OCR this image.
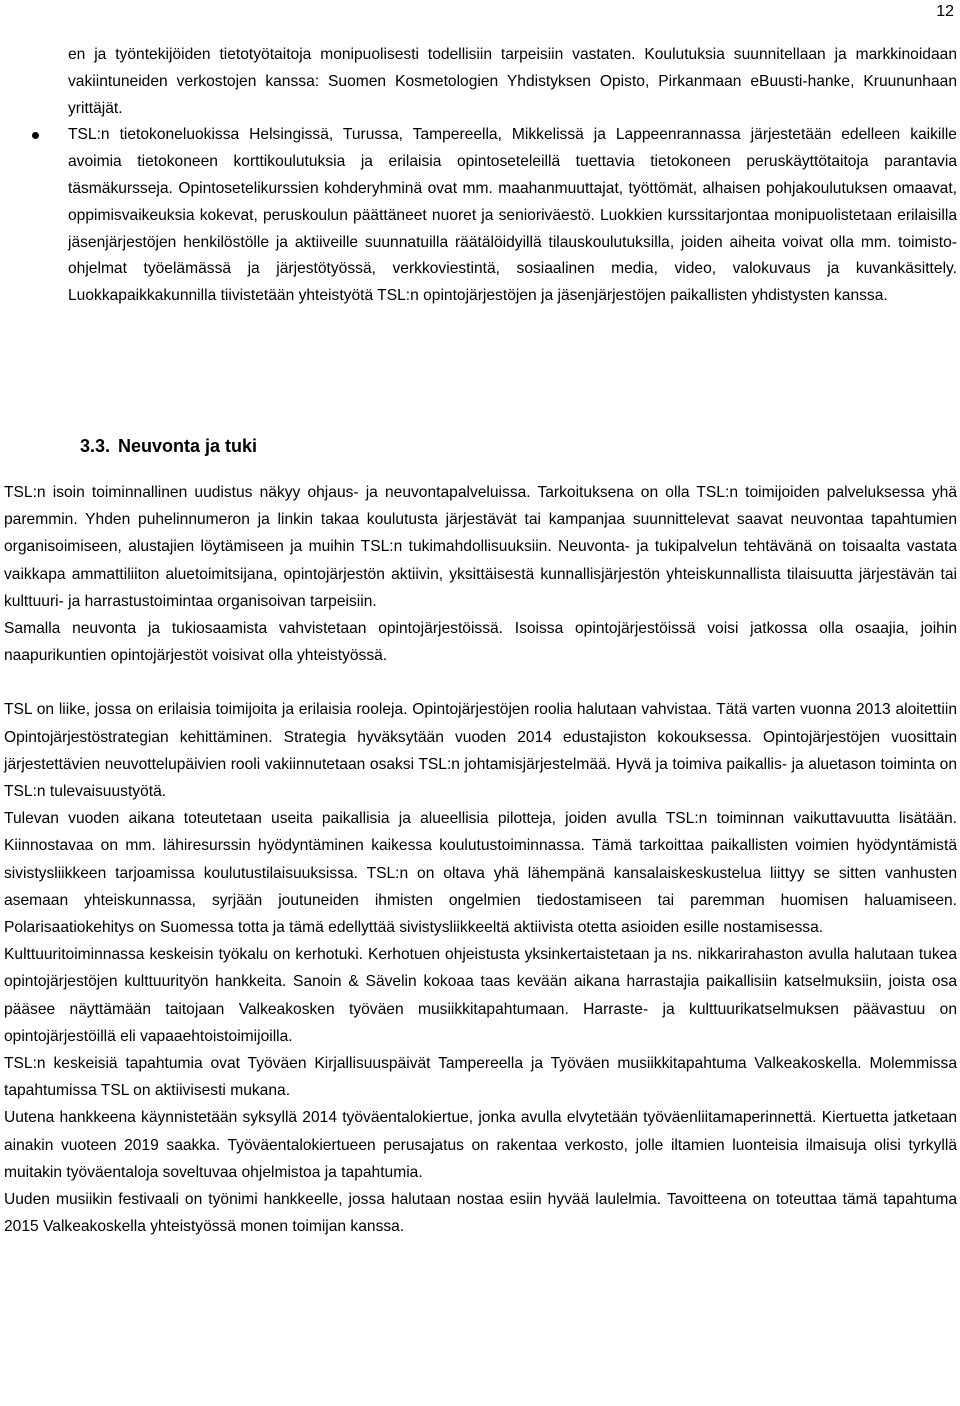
12
en ja työntekijöiden tietotyötaitoja monipuolisesti todellisiin tarpeisiin vastaten. Koulutuksia suunnitellaan ja markkinoidaan vakiintuneiden verkostojen kanssa: Suomen Kosmetologien Yhdistyksen Opisto, Pirkanmaan eBuusti-hanke, Kruununhaan yrittäjät.
TSL:n tietokoneluokissa Helsingissä, Turussa, Tampereella, Mikkelissä ja Lappeenrannassa järjestetään edelleen kaikille avoimia tietokoneen korttikoulutuksia ja erilaisia opintoseteleillä tuettavia tietokoneen peruskäyttötaitoja parantavia täsmäkursseja. Opintosetelikurssien kohderyhminä ovat mm. maahanmuuttajat, työttömät, alhaisen pohjakoulutuksen omaavat, oppimisvaikeuksia kokevat, peruskoulun päättäneet nuoret ja senioriväestö. Luokkien kurssitarjontaa monipuolistetaan erilaisilla jäsenjärjestöjen henkilöstölle ja aktiiveille suunnatuilla räätälöidyillä tilauskoulutuksilla, joiden aiheita voivat olla mm. toimisto-ohjelmat työelämässä ja järjestötyössä, verkkoviestintä, sosiaalinen media, video, valokuvaus ja kuvankäsittely. Luokkapaikkakunnilla tiivistetään yhteistyötä TSL:n opintojärjestöjen ja jäsenjärjestöjen paikallisten yhdistysten kanssa.
3.3. Neuvonta ja tuki

TSL:n isoin toiminnallinen uudistus näkyy ohjaus- ja neuvontapalveluissa. Tarkoituksena on olla TSL:n toimijoiden palveluksessa yhä paremmin. Yhden puhelinnumeron ja linkin takaa koulutusta järjestävät tai kampanjaa suunnittelevat saavat neuvontaa tapahtumien organisoimiseen, alustajien löytämiseen ja muihin TSL:n tukimahdollisuuksiin. Neuvonta- ja tukipalvelun tehtävänä on toisaalta vastata vaikkapa ammattiliiton aluetoimitsijana, opintojärjestön aktiivin, yksittäisestä kunnallisjärjestön yhteiskunnallista tilaisuutta järjestävän tai kulttuuri- ja harrastustoimintaa organisoivan tarpeisiin.

Samalla neuvonta ja tukiosaamista vahvistetaan opintojärjestöissä. Isoissa opintojärjestöissä voisi jatkossa olla osaajia, joihin naapurikuntien opintojärjestöt voisivat olla yhteistyössä.

TSL on liike, jossa on erilaisia toimijoita ja erilaisia rooleja. Opintojärjestöjen roolia halutaan vahvistaa. Tätä varten vuonna 2013 aloitettiin Opintojärjestöstrategian kehittäminen. Strategia hyväksytään vuoden 2014 edustajiston kokouksessa. Opintojärjestöjen vuosittain järjestettävien neuvottelupäivien rooli vakiinnutetaan osaksi TSL:n johtamisjärjestelmää. Hyvä ja toimiva paikallis- ja aluetason toiminta on TSL:n tulevaisuustyötä.

Tulevan vuoden aikana toteutetaan useita paikallisia ja alueellisia pilotteja, joiden avulla TSL:n toiminnan vaikuttavuutta lisätään. Kiinnostavaa on mm. lähiresurssin hyödyntäminen kaikessa koulutustoiminnassa. Tämä tarkoittaa paikallisten voimien hyödyntämistä sivistysliikkeen tarjoamissa koulutustilaisuuksissa. TSL:n on oltava yhä lähempänä kansalaiskeskustelua liittyy se sitten vanhusten asemaan yhteiskunnassa, syrjään joutuneiden ihmisten ongelmien tiedostamiseen tai paremman huomisen haluamiseen. Polarisaatiokehitys on Suomessa totta ja tämä edellyttää sivistysliikkeeltä aktiivista otetta asioiden esille nostamisessa.

Kulttuuritoiminnassa keskeisin työkalu on kerhotuki. Kerhotuen ohjeistusta yksinkertaistetaan ja ns. nikkarirahaston avulla halutaan tukea opintojärjestöjen kulttuurityön hankkeita. Sanoin & Sävelin kokoaa taas kevään aikana harrastajia paikallisiin katselmuksiin, joista osa pääsee näyttämään taitojaan Valkeakosken työväen musiikkitapahtumaan. Harraste- ja kulttuurikatselmuksen päävastuu on opintojärjestöillä eli vapaaehtoistoimijoilla.

TSL:n keskeisiä tapahtumia ovat Työväen Kirjallisuuspäivät Tampereella ja Työväen musiikkitapahtuma Valkeakoskella. Molemmissa tapahtumissa TSL on aktiivisesti mukana.

Uutena hankkeena käynnistetään syksyllä 2014 työväentalokiertue, jonka avulla elvytetään työväenliitamaperinnettä. Kiertuetta jatketaan ainakin vuoteen 2019 saakka. Työväentalokiertueen perusajatus on rakentaa verkosto, jolle iltamien luonteisia ilmaisuja olisi tyrkyllä muitakin työväentaloja soveltuvaa ohjelmistoa ja tapahtumia.

Uuden musiikin festivaali on työnimi hankkeelle, jossa halutaan nostaa esiin hyvää laulelmia. Tavoitteena on toteuttaa tämä tapahtuma 2015 Valkeakoskella yhteistyössä monen toimijan kanssa.
